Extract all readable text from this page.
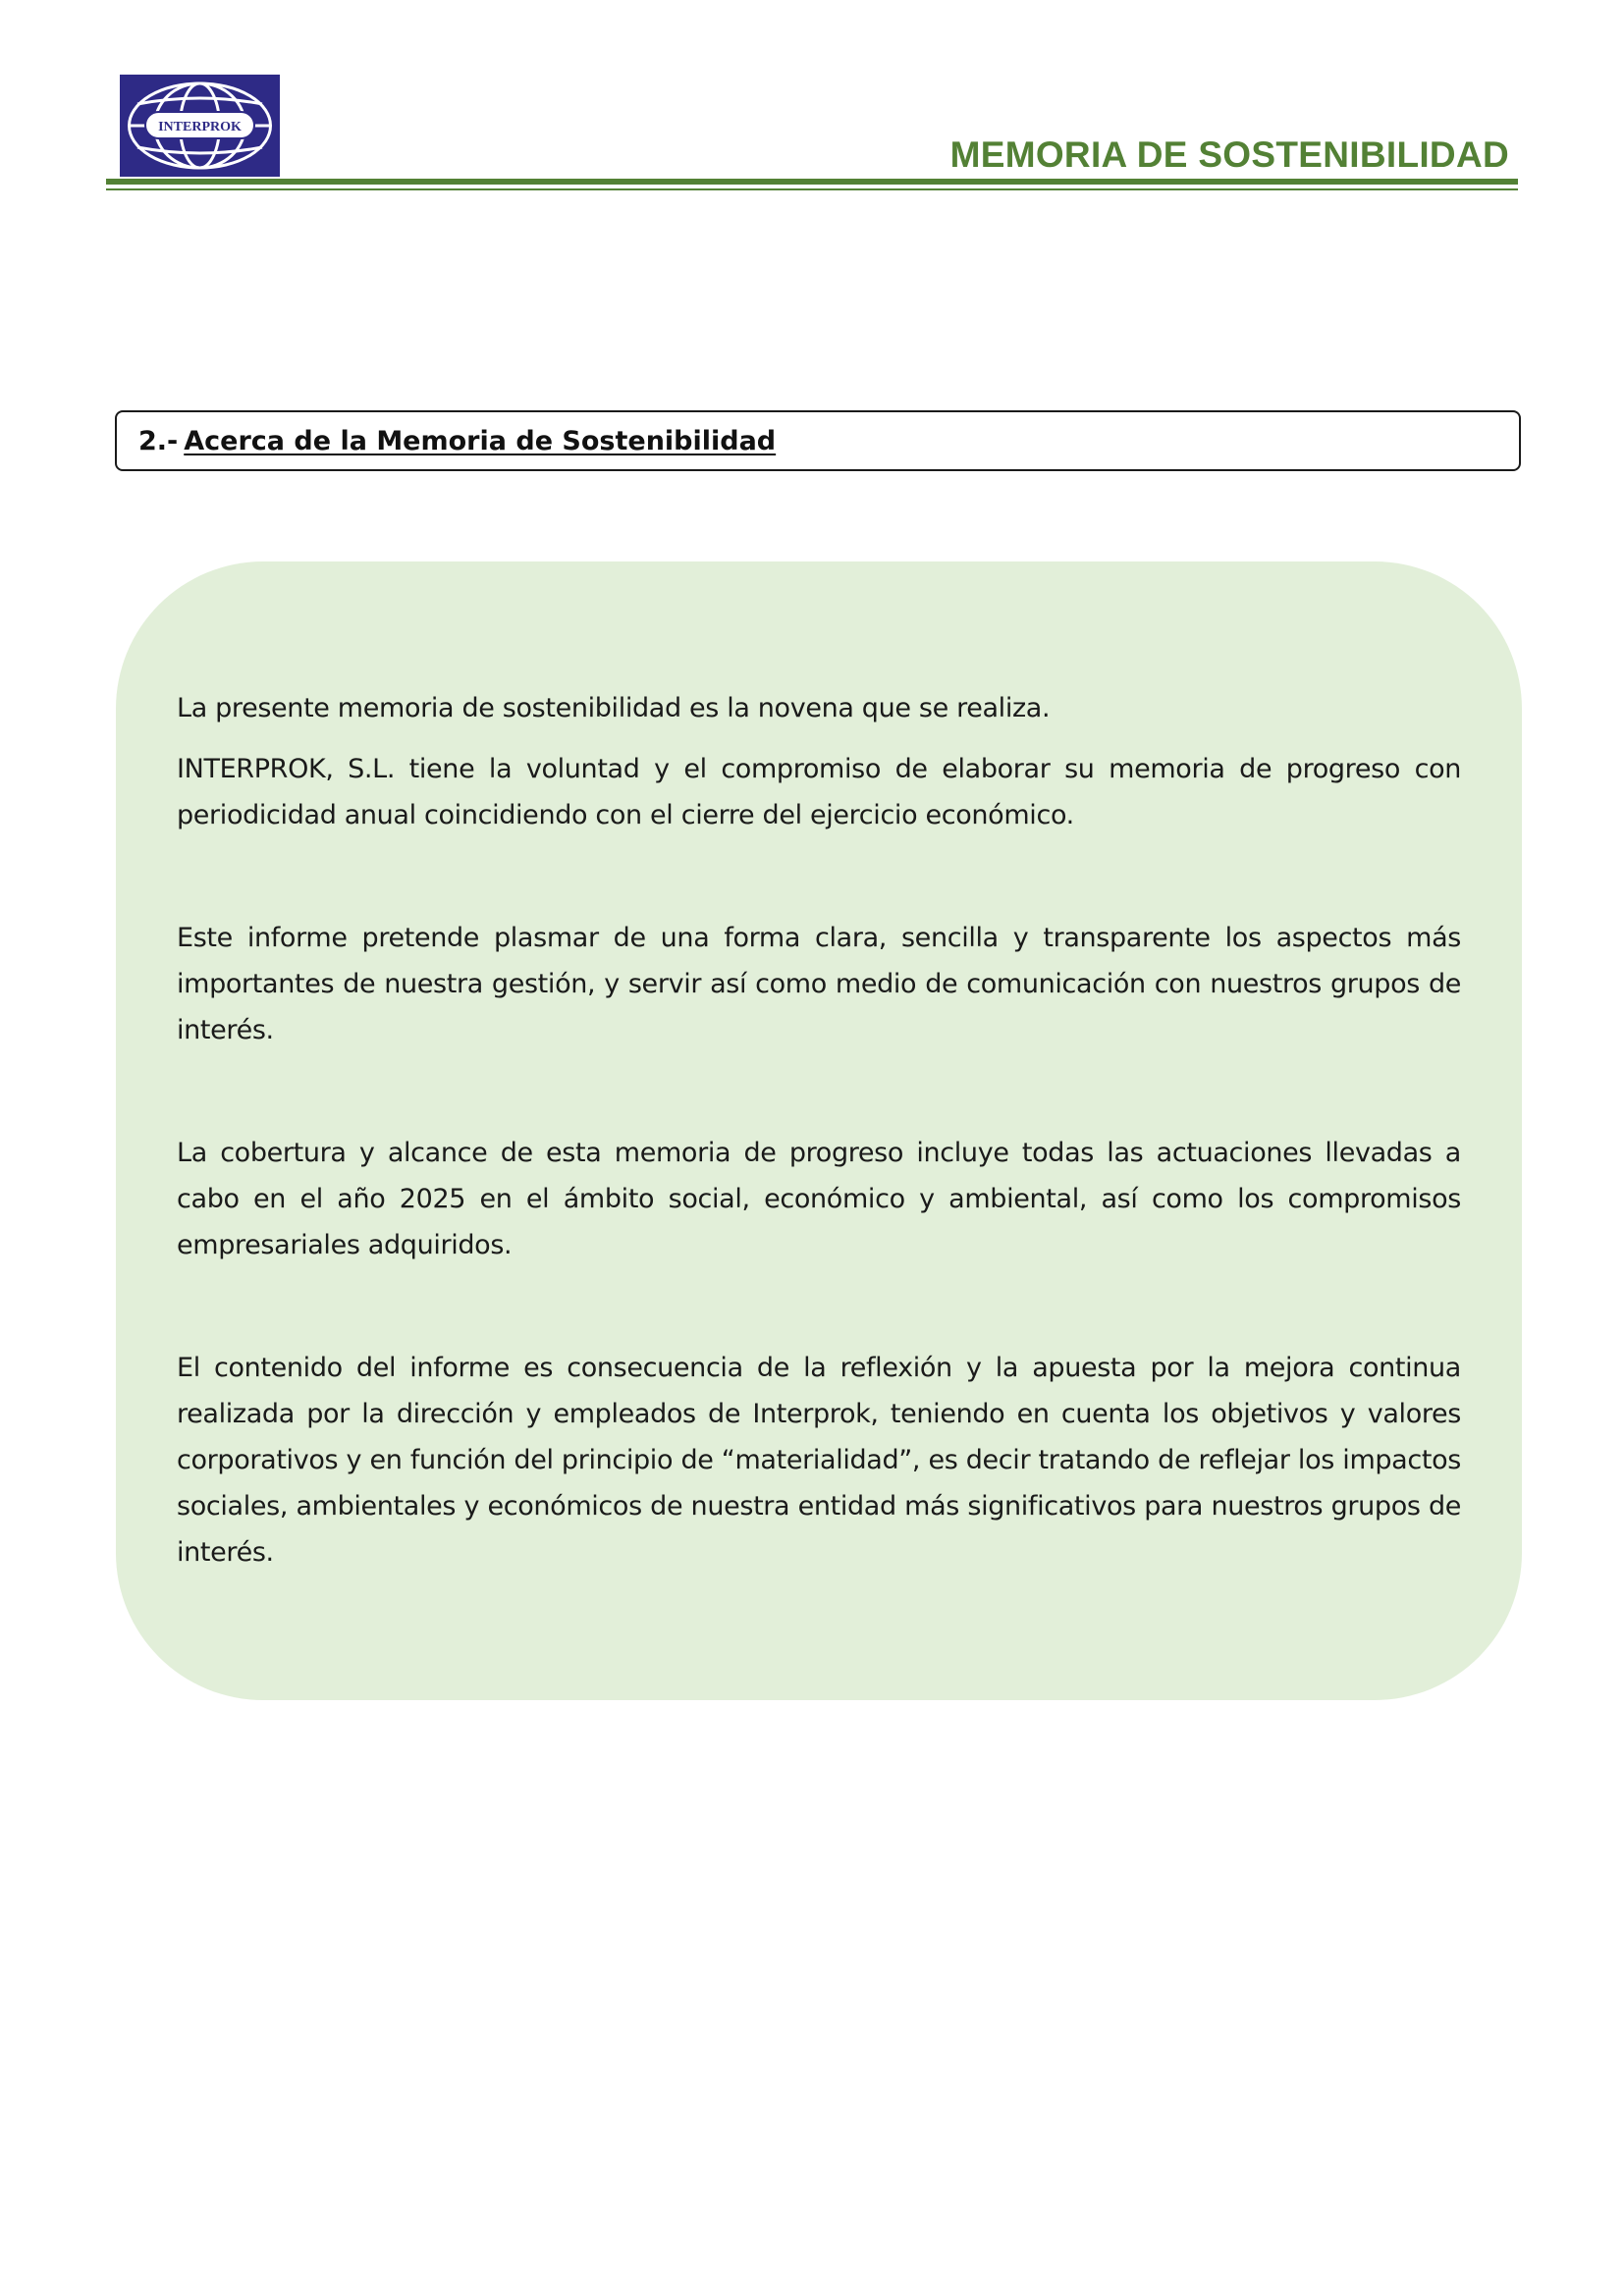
INTERPROK
MEMORIA DE SOSTENIBILIDAD
2.- Acerca de la Memoria de Sostenibilidad

La presente memoria de sostenibilidad es la novena que se realiza.

INTERPROK, S.L. tiene la voluntad y el compromiso de elaborar su memoria de progreso con periodicidad anual coincidiendo con el cierre del ejercicio económico.

Este informe pretende plasmar de una forma clara, sencilla y transparente los aspectos más importantes de nuestra gestión, y servir así como medio de comunicación con nuestros grupos de interés.

La cobertura y alcance de esta memoria de progreso incluye todas las actuaciones llevadas a cabo en el año 2025 en el ámbito social, económico y ambiental, así como los compromisos empresariales adquiridos.

El contenido del informe es consecuencia de la reflexión y la apuesta por la mejora continua realizada por la dirección y empleados de Interprok, teniendo en cuenta los objetivos y valores corporativos y en función del principio de “materialidad”, es decir tratando de reflejar los impactos sociales, ambientales y económicos de nuestra entidad más significativos para nuestros grupos de interés.
